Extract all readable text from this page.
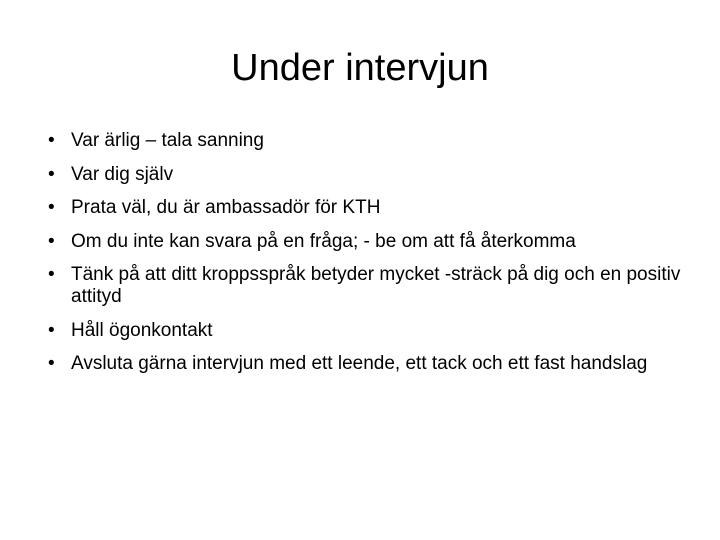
Under intervjun
• Var ärlig – tala sanning
• Var dig själv
• Prata väl, du är ambassadör för KTH
• Om du inte kan svara på en fråga; - be om att få återkomma
• Tänk på att ditt kroppsspråk betyder mycket -sträck på dig och en positiv attityd
• Håll ögonkontakt
• Avsluta gärna intervjun med ett leende, ett tack och ett fast handslag
